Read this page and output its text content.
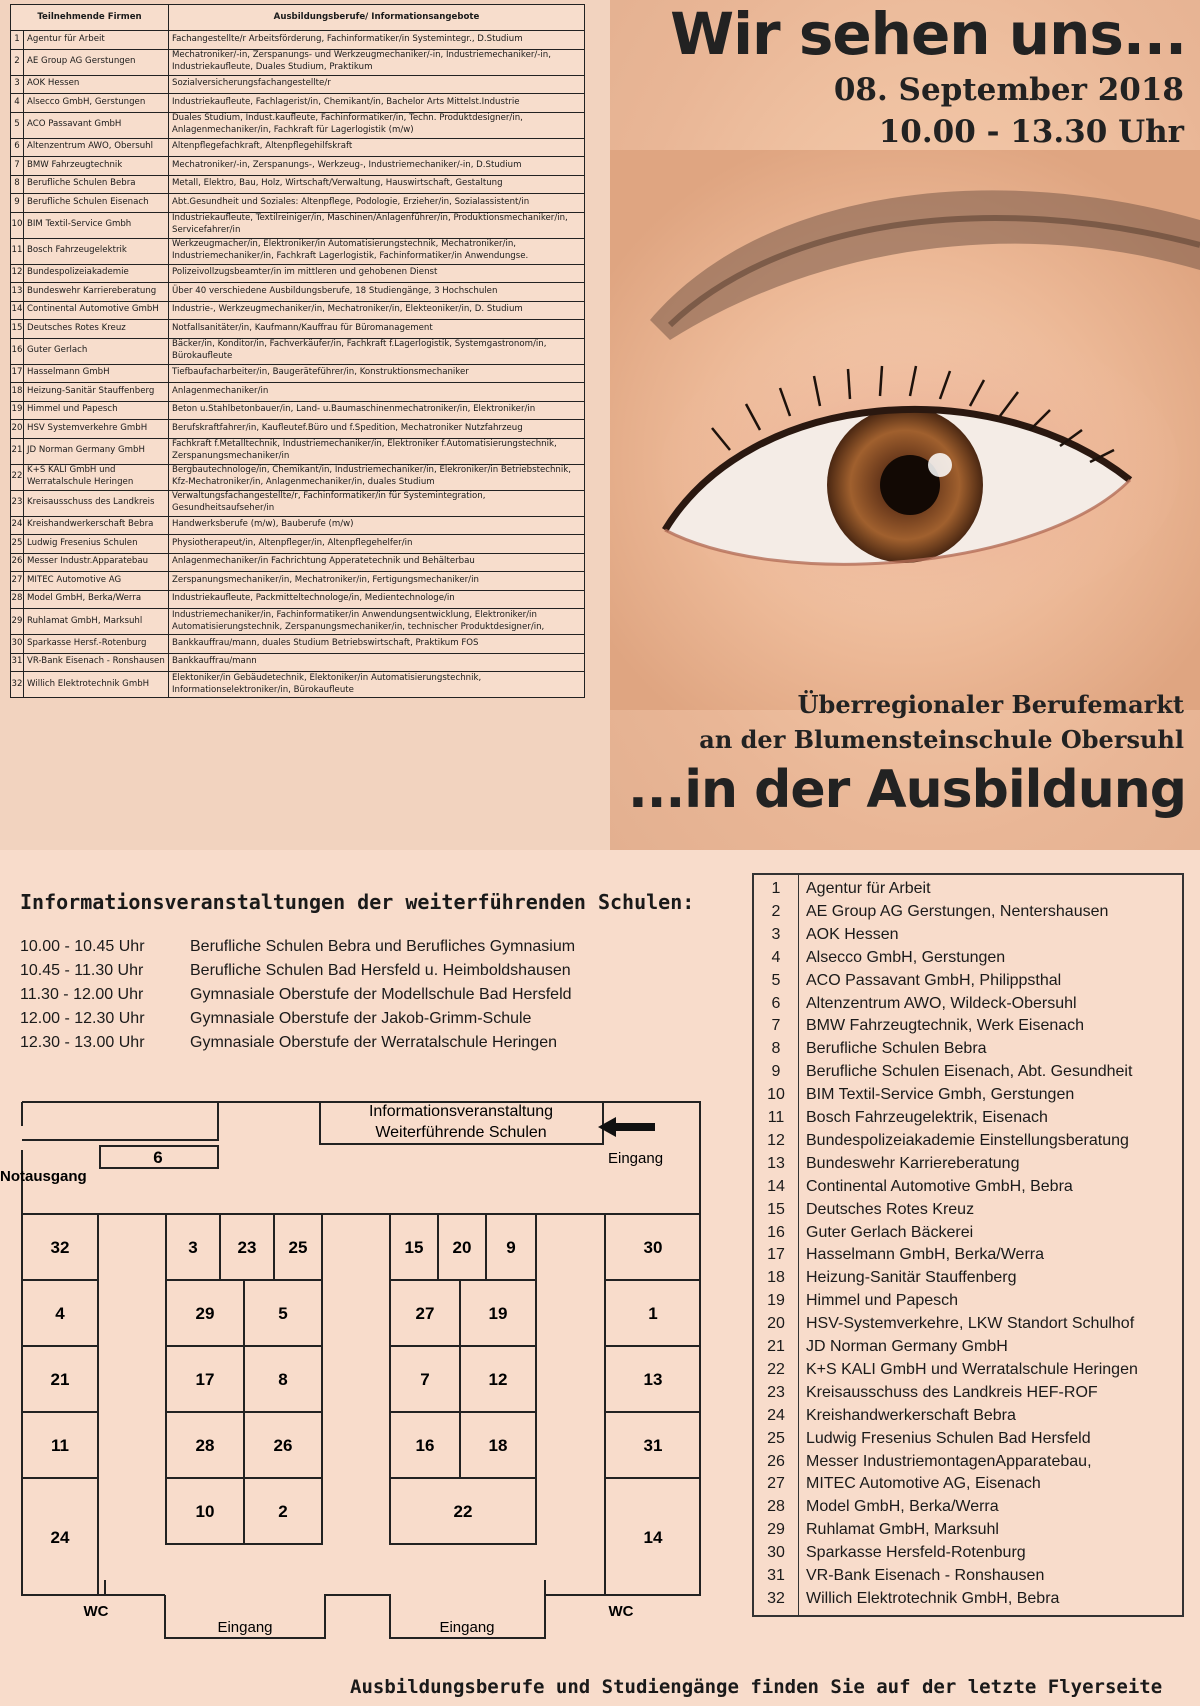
Teilnehmende Firmen		Ausbildungsberufe/ Informationsangebote
1	Agentur für Arbeit	Fachangestellte/r Arbeitsförderung, Fachinformatiker/in Systemintegr., D.Studium
2	AE Group AG Gerstungen	Mechatroniker/-in, Zerspanungs- und Werkzeugmechaniker/-in, Industriemechaniker/-in, Industriekaufleute, Duales Studium, Praktikum
3	AOK Hessen	Sozialversicherungsfachangestellte/r
4	Alsecco GmbH, Gerstungen	Industriekaufleute, Fachlagerist/in, Chemikant/in, Bachelor Arts Mittelst.Industrie
5	ACO Passavant GmbH	Duales Studium, Indust.kaufleute, Fachinformatiker/in, Techn. Produktdesigner/in, Anlagenmechaniker/in, Fachkraft für Lagerlogistik (m/w)
6	Altenzentrum AWO, Obersuhl	Altenpflegefachkraft, Altenpflegehilfskraft
7	BMW Fahrzeugtechnik	Mechatroniker/-in, Zerspanungs-, Werkzeug-, Industriemechaniker/-in, D.Studium
8	Berufliche Schulen Bebra	Metall, Elektro, Bau, Holz, Wirtschaft/Verwaltung, Hauswirtschaft, Gestaltung
9	Berufliche Schulen Eisenach	Abt.Gesundheit und Soziales: Altenpflege, Podologie, Erzieher/in, Sozialassistent/in
10	BIM Textil-Service Gmbh	Industriekaufleute, Textilreiniger/in, Maschinen/Anlagenführer/in, Produktionsmechaniker/in, Servicefahrer/in
11	Bosch Fahrzeugelektrik	Werkzeugmacher/in, Elektroniker/in Automatisierungstechnik, Mechatroniker/in, Industriemechaniker/in, Fachkraft Lagerlogistik, Fachinformatiker/in Anwendungse.
12	Bundespolizeiakademie	Polizeivollzugsbeamter/in im mittleren und gehobenen Dienst
13	Bundeswehr Karriereberatung	Über 40 verschiedene Ausbildungsberufe, 18 Studiengänge, 3 Hochschulen
14	Continental Automotive GmbH	Industrie-, Werkzeugmechaniker/in, Mechatroniker/in, Elekteoniker/in, D. Studium
15	Deutsches Rotes Kreuz	Notfallsanitäter/in, Kaufmann/Kauffrau für Büromanagement
16	Guter Gerlach	Bäcker/in, Konditor/in, Fachverkäufer/in, Fachkraft f.Lagerlogistik, Systemgastronom/in, Bürokaufleute
17	Hasselmann GmbH	Tiefbaufacharbeiter/in, Baugeräteführer/in, Konstruktionsmechaniker
18	Heizung-Sanitär Stauffenberg	Anlagenmechaniker/in
19	Himmel und Papesch	Beton u.Stahlbetonbauer/in, Land- u.Baumaschinenmechatroniker/in, Elektroniker/in
20	HSV Systemverkehre GmbH	Berufskraftfahrer/in, Kaufleutef.Büro und f.Spedition, Mechatroniker Nutzfahrzeug
21	JD Norman Germany GmbH	Fachkraft f.Metalltechnik, Industriemechaniker/in, Elektroniker f.Automatisierungstechnik, Zerspanungsmechaniker/in
22	K+S KALI GmbH und Werratalschule Heringen	Bergbautechnologe/in, Chemikant/in, Industriemechaniker/in, Elekroniker/in Betriebstechnik, Kfz-Mechatroniker/in, Anlagenmechaniker/in, duales Studium
23	Kreisausschuss des Landkreis	Verwaltungsfachangestellte/r, Fachinformatiker/in für Systemintegration, Gesundheitsaufseher/in
24	Kreishandwerkerschaft Bebra	Handwerksberufe (m/w), Bauberufe (m/w)
25	Ludwig Fresenius Schulen	Physiotherapeut/in, Altenpfleger/in, Altenpflegehelfer/in
26	Messer Industr.Apparatebau	Anlagenmechaniker/in Fachrichtung Apperatetechnik und Behälterbau
27	MITEC Automotive AG	Zerspanungsmechaniker/in, Mechatroniker/in, Fertigungsmechaniker/in
28	Model GmbH, Berka/Werra	Industriekaufleute, Packmitteltechnologe/in, Medientechnologe/in
29	Ruhlamat GmbH, Marksuhl	Industriemechaniker/in, Fachinformatiker/in Anwendungsentwicklung, Elektroniker/in Automatisierungstechnik, Zerspanungsmechaniker/in, technischer Produktdesigner/in,
30	Sparkasse Hersf.-Rotenburg	Bankkauffrau/mann, duales Studium Betriebswirtschaft, Praktikum FOS
31	VR-Bank Eisenach - Ronshausen	Bankkauffrau/mann
32	Willich Elektrotechnik GmbH	Elektoniker/in Gebäudetechnik, Elektoniker/in Automatisierungstechnik, Informationselektroniker/in, Bürokaufleute
Wir sehen uns...
08. September 2018
10.00 - 13.30 Uhr
Überregionaler Berufemarkt
an der Blumensteinschule Obersuhl
...in der Ausbildung
Informationsveranstaltungen der weiterführenden Schulen:
10.00 - 10.45 Uhr	Berufliche Schulen Bebra und Berufliches Gymnasium
10.45 - 11.30 Uhr	Berufliche Schulen Bad Hersfeld u. Heimboldshausen
11.30 - 12.00 Uhr	Gymnasiale Oberstufe der Modellschule Bad Hersfeld
12.00 - 12.30 Uhr	Gymnasiale Oberstufe der Jakob-Grimm-Schule
12.30 - 13.00 Uhr	Gymnasiale Oberstufe der Werratalschule Heringen
Informationsveranstaltung
Weiterführende Schulen
Eingang
Notausgang
6
32
4
21
11
24
3 23 25
29	5
17	8
28	26
10	2
15 20 9
27	19
7	12
16	18
22
30
1
13
31
14
WC	WC
Eingang	Eingang
1	Agentur für Arbeit
2	AE Group AG Gerstungen, Nentershausen
3	AOK Hessen
4	Alsecco GmbH, Gerstungen
5	ACO Passavant GmbH, Philippsthal
6	Altenzentrum AWO, Wildeck-Obersuhl
7	BMW Fahrzeugtechnik, Werk Eisenach
8	Berufliche Schulen Bebra
9	Berufliche Schulen Eisenach, Abt. Gesundheit
10	BIM Textil-Service Gmbh, Gerstungen
11	Bosch Fahrzeugelektrik, Eisenach
12	Bundespolizeiakademie Einstellungsberatung
13	Bundeswehr Karriereberatung
14	Continental Automotive GmbH, Bebra
15	Deutsches Rotes Kreuz
16	Guter Gerlach Bäckerei
17	Hasselmann GmbH, Berka/Werra
18	Heizung-Sanitär Stauffenberg
19	Himmel und Papesch
20	HSV-Systemverkehre, LKW Standort Schulhof
21	JD Norman Germany GmbH
22	K+S KALI GmbH und Werratalschule Heringen
23	Kreisausschuss des Landkreis HEF-ROF
24	Kreishandwerkerschaft Bebra
25	Ludwig Fresenius Schulen Bad Hersfeld
26	Messer IndustriemontagenApparatebau,
27	MITEC Automotive AG, Eisenach
28	Model GmbH, Berka/Werra
29	Ruhlamat GmbH, Marksuhl
30	Sparkasse Hersfeld-Rotenburg
31	VR-Bank Eisenach - Ronshausen
32	Willich Elektrotechnik GmbH, Bebra
Ausbildungsberufe und Studiengänge finden Sie auf der letzte Flyerseite
